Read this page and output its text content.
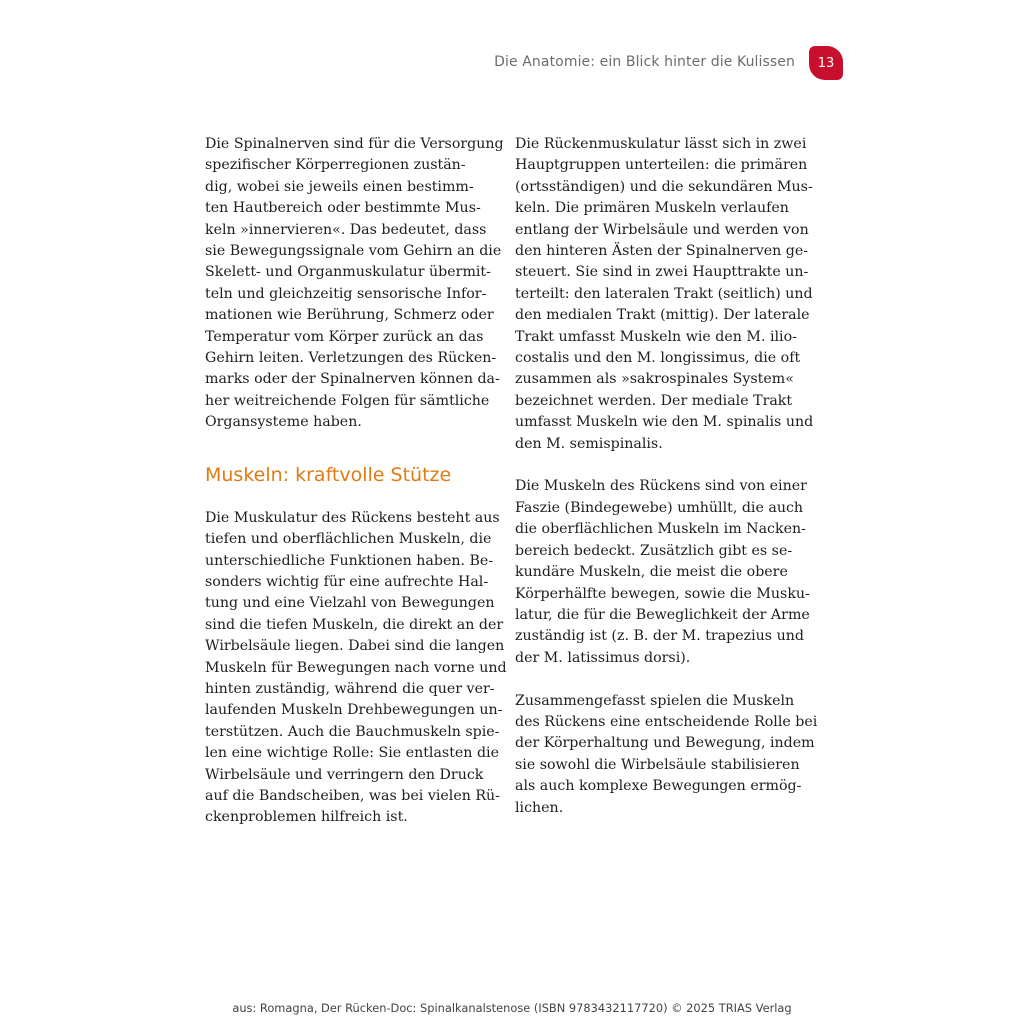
Die Anatomie: ein Blick hinter die Kulissen	13
Die Spinalnerven sind für die Versorgung
spezifischer Körperregionen zustän-
dig, wobei sie jeweils einen bestimm-
ten Hautbereich oder bestimmte Mus-
keln »innervieren«. Das bedeutet, dass
sie Bewegungssignale vom Gehirn an die
Skelett- und Organmuskulatur übermit-
teln und gleichzeitig sensorische Infor-
mationen wie Berührung, Schmerz oder
Temperatur vom Körper zurück an das
Gehirn leiten. Verletzungen des Rücken-
marks oder der Spinalnerven können da-
her weitreichende Folgen für sämtliche
Organsysteme haben.
Muskeln: kraftvolle Stütze
Die Muskulatur des Rückens besteht aus
tiefen und oberflächlichen Muskeln, die
unterschiedliche Funktionen haben. Be-
sonders wichtig für eine aufrechte Hal-
tung und eine Vielzahl von Bewegungen
sind die tiefen Muskeln, die direkt an der
Wirbelsäule liegen. Dabei sind die langen
Muskeln für Bewegungen nach vorne und
hinten zuständig, während die quer ver-
laufenden Muskeln Drehbewegungen un-
terstützen. Auch die Bauchmuskeln spie-
len eine wichtige Rolle: Sie entlasten die
Wirbelsäule und verringern den Druck
auf die Bandscheiben, was bei vielen Rü-
ckenproblemen hilfreich ist.
Die Rückenmuskulatur lässt sich in zwei
Hauptgruppen unterteilen: die primären
(ortsständigen) und die sekundären Mus-
keln. Die primären Muskeln verlaufen
entlang der Wirbelsäule und werden von
den hinteren Ästen der Spinalnerven ge-
steuert. Sie sind in zwei Haupttrakte un-
terteilt: den lateralen Trakt (seitlich) und
den medialen Trakt (mittig). Der laterale
Trakt umfasst Muskeln wie den M. ilio-
costalis und den M. longissimus, die oft
zusammen als »sakrospinales System«
bezeichnet werden. Der mediale Trakt
umfasst Muskeln wie den M. spinalis und
den M. semispinalis.
Die Muskeln des Rückens sind von einer
Faszie (Bindegewebe) umhüllt, die auch
die oberflächlichen Muskeln im Nacken-
bereich bedeckt. Zusätzlich gibt es se-
kundäre Muskeln, die meist die obere
Körperhälfte bewegen, sowie die Musku-
latur, die für die Beweglichkeit der Arme
zuständig ist (z. B. der M. trapezius und
der M. latissimus dorsi).
Zusammengefasst spielen die Muskeln
des Rückens eine entscheidende Rolle bei
der Körperhaltung und Bewegung, indem
sie sowohl die Wirbelsäule stabilisieren
als auch komplexe Bewegungen ermög-
lichen.
aus: Romagna, Der Rücken-Doc: Spinalkanalstenose (ISBN 9783432117720) © 2025 TRIAS Verlag
